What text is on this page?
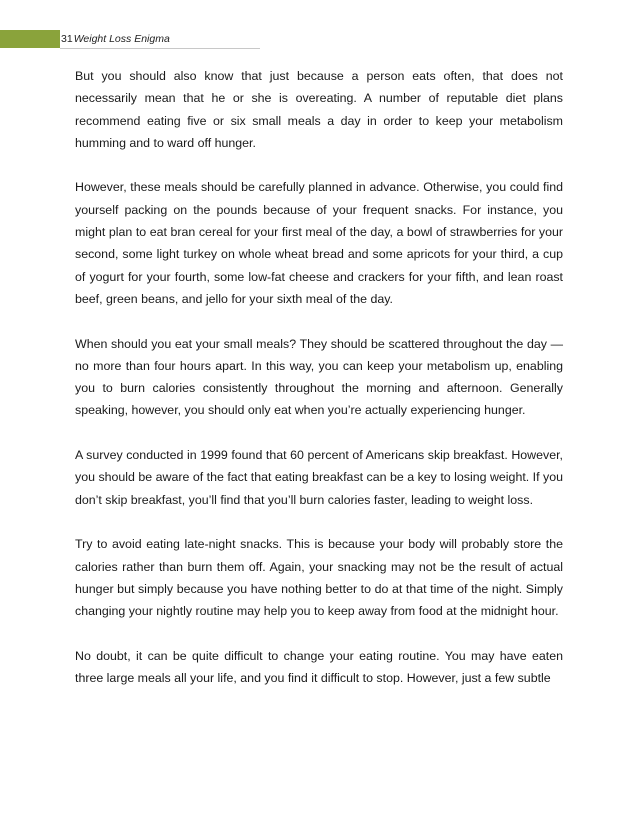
31 Weight Loss Enigma

But you should also know that just because a person eats often, that does not necessarily mean that he or she is overeating. A number of reputable diet plans recommend eating five or six small meals a day in order to keep your metabolism humming and to ward off hunger.

However, these meals should be carefully planned in advance. Otherwise, you could find yourself packing on the pounds because of your frequent snacks. For instance, you might plan to eat bran cereal for your first meal of the day, a bowl of strawberries for your second, some light turkey on whole wheat bread and some apricots for your third, a cup of yogurt for your fourth, some low-fat cheese and crackers for your fifth, and lean roast beef, green beans, and jello for your sixth meal of the day.

When should you eat your small meals? They should be scattered throughout the day —no more than four hours apart. In this way, you can keep your metabolism up, enabling you to burn calories consistently throughout the morning and afternoon. Generally speaking, however, you should only eat when you’re actually experiencing hunger.

A survey conducted in 1999 found that 60 percent of Americans skip breakfast. However, you should be aware of the fact that eating breakfast can be a key to losing weight. If you don’t skip breakfast, you’ll find that you’ll burn calories faster, leading to weight loss.

Try to avoid eating late-night snacks. This is because your body will probably store the calories rather than burn them off. Again, your snacking may not be the result of actual hunger but simply because you have nothing better to do at that time of the night. Simply changing your nightly routine may help you to keep away from food at the midnight hour.

No doubt, it can be quite difficult to change your eating routine. You may have eaten three large meals all your life, and you find it difficult to stop. However, just a few subtle
